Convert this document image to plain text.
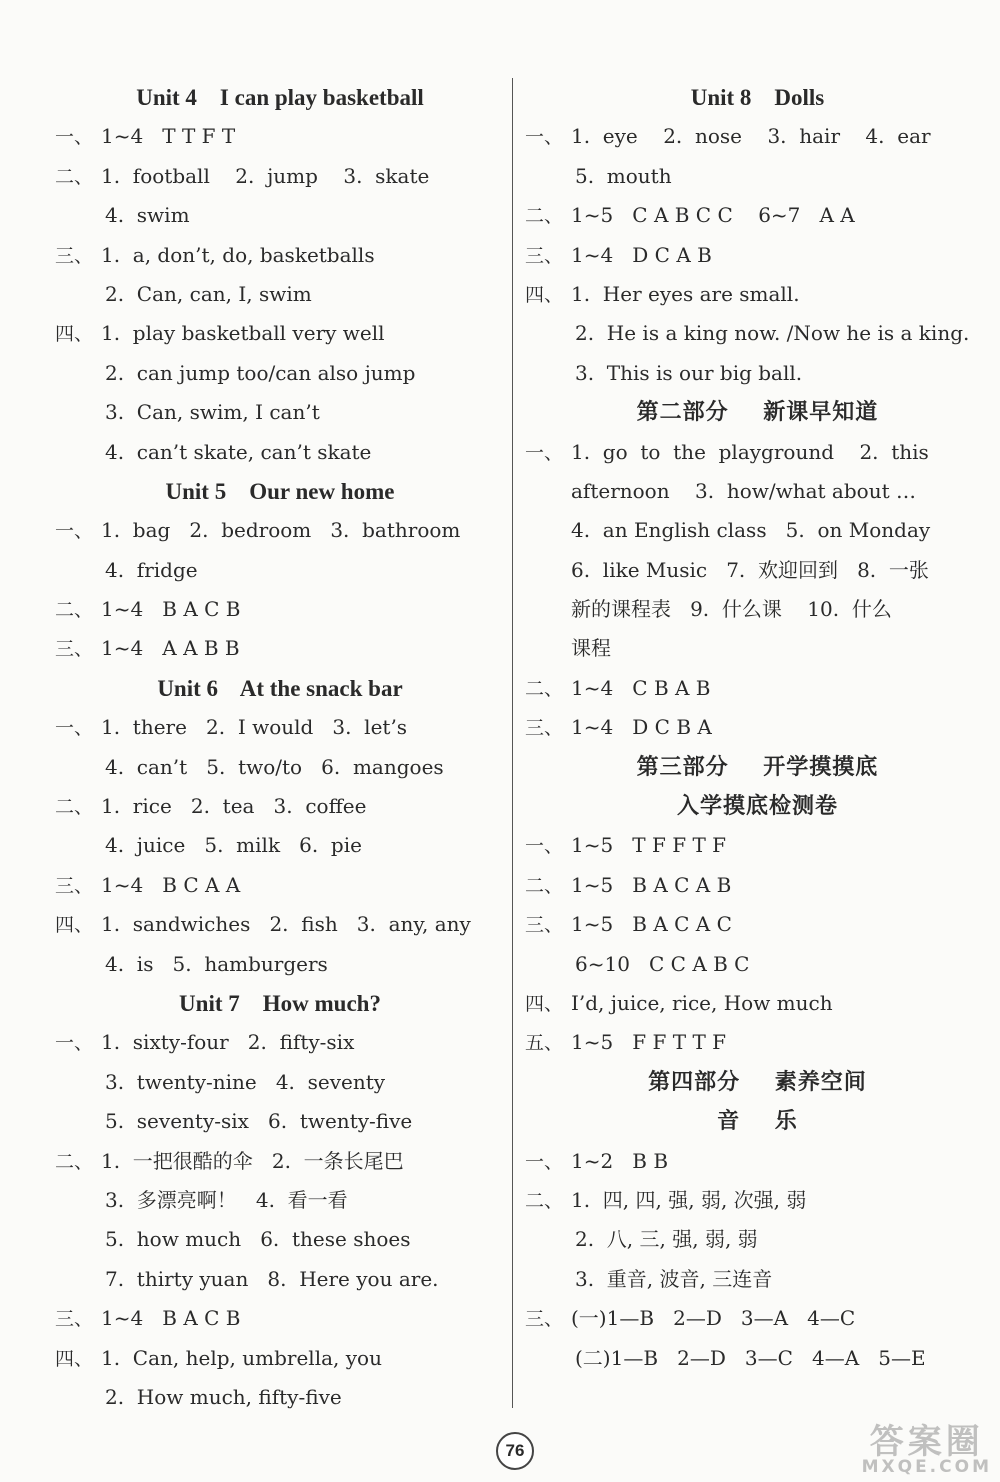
Unit 4    I can play basketball
一、 1~4   T T F T
二、 1.  football    2.  jump    3.  skate
4.  swim
三、 1.  a, don’t, do, basketballs
2.  Can, can, I, swim
四、 1.  play basketball very well
2.  can jump too/can also jump
3.  Can, swim, I can’t
4.  can’t skate, can’t skate
Unit 5    Our new home
一、 1.  bag   2.  bedroom   3.  bathroom
4.  fridge
二、 1~4   B A C B
三、 1~4   A A B B
Unit 6    At the snack bar
一、 1.  there   2.  I would   3.  let’s
4.  can’t   5.  two/to   6.  mangoes
二、 1.  rice   2.  tea   3.  coffee
4.  juice   5.  milk   6.  pie
三、 1~4   B C A A
四、 1.  sandwiches   2.  fish   3.  any, any
4.  is   5.  hamburgers
Unit 7    How much?
一、 1.  sixty-four   2.  fifty-six
3.  twenty-nine   4.  seventy
5.  seventy-six   6.  twenty-five
二、 1.  一把很酷的伞   2.  一条长尾巴
3.  多漂亮啊！   4.  看一看
5.  how much   6.  these shoes
7.  thirty yuan   8.  Here you are.
三、 1~4   B A C B
四、 1.  Can, help, umbrella, you
2.  How much, fifty-five
Unit 8    Dolls
一、 1.  eye    2.  nose    3.  hair    4.  ear
5.  mouth
二、 1~5   C A B C C    6~7   A A
三、 1~4   D C A B
四、 1.  Her eyes are small.
2.  He is a king now. /Now he is a king.
3.  This is our big ball.
第二部分    新课早知道
一、 1.  go  to  the  playground    2.  this
afternoon    3.  how/what about …
4.  an English class   5.  on Monday
6.  like Music   7.  欢迎回到   8.  一张
新的课程表   9.  什么课    10.  什么
课程
二、 1~4   C B A B
三、 1~4   D C B A
第三部分    开学摸摸底
入学摸底检测卷
一、 1~5   T F F T F
二、 1~5   B A C A B
三、 1~5   B A C A C
6~10   C C A B C
四、 I’d, juice, rice, How much
五、 1~5   F F T T F
第四部分    素养空间
音    乐
一、 1~2   B B
二、 1.  四, 四, 强, 弱, 次强, 弱
2.  八, 三, 强, 弱, 弱
3.  重音, 波音, 三连音
三、 (一)1—B   2—D   3—A   4—C
(二)1—B   2—D   3—C   4—A   5—E
76	答案圈
MXQE.COM
